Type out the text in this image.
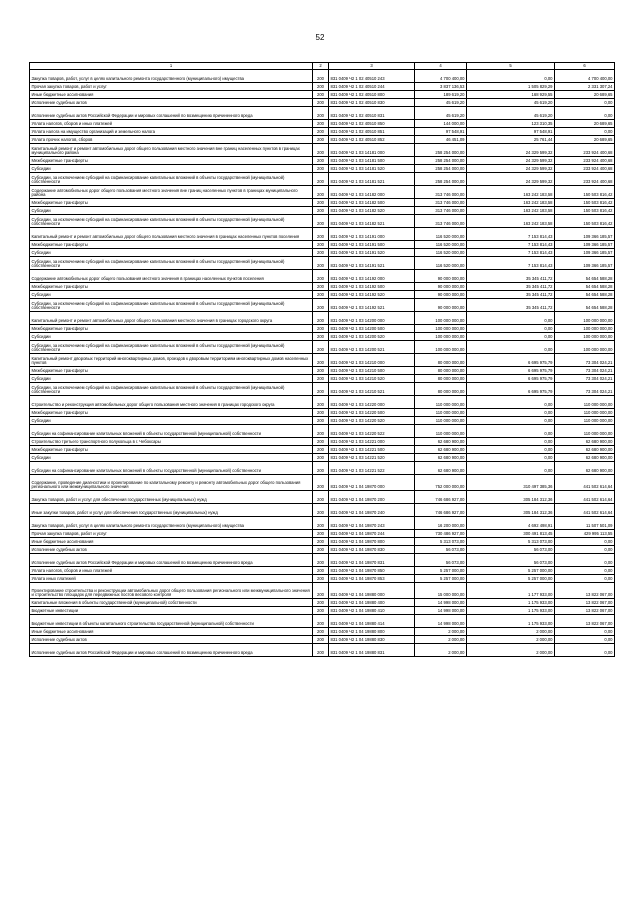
52
1	2	3	4	5	6
Закупка товаров, работ, услуг в целях капитального ремонта государственного (муниципального) имущества	200	831 0409 Ч2 1 02 40510 243	4 700 400,00	0,00	4 700 400,00
Прочая закупка товаров, работ и услуг	200	831 0409 Ч2 1 02 40510 244	3 837 136,53	1 505 829,29	2 331 307,24
Иные бюджетные ассигнования	200	831 0409 Ч2 1 02 40510 800	189 619,20	168 929,55	20 689,65
Исполнение судебных актов	200	831 0409 Ч2 1 02 40510 830	45 619,20	45 619,20	0,00
Исполнение судебных актов Российской Федерации и мировых соглашений по возмещению причиненного вреда	200	831 0409 Ч2 1 02 40510 831	45 619,20	45 619,20	0,00
Уплата налогов, сборов и иных платежей	200	831 0409 Ч2 1 02 40510 850	144 000,00	123 310,35	20 689,65
Уплата налога на имущество организаций и земельного налога	200	831 0409 Ч2 1 02 40510 851	97 548,91	97 548,91	0,00
Уплата прочих налогов, сборов	200	831 0409 Ч2 1 02 40510 852	46 451,09	25 761,44	20 689,65
Капитальный ремонт и ремонт автомобильных дорог общего пользования местного значения вне границ населенных пунктов в границах муниципального района	200	831 0409 Ч2 1 03 14181 000	258 254 000,00	24 329 599,32	233 924 400,68
Межбюджетные трансферты	200	831 0409 Ч2 1 03 14181 500	258 254 000,00	24 329 599,32	233 924 400,68
Субсидии	200	831 0409 Ч2 1 03 14181 520	258 254 000,00	24 329 599,32	233 924 400,68
Субсидии, за исключением субсидий на софинансирование капитальных вложений в объекты государственной (муниципальной) собственности	200	831 0409 Ч2 1 03 14181 521	258 254 000,00	24 329 599,32	233 924 400,68
Содержание автомобильных дорог общего пользования местного значения вне границ населенных пунктов в границах муниципального района	200	831 0409 Ч2 1 03 14182 000	313 746 000,00	163 242 183,58	150 503 816,42
Межбюджетные трансферты	200	831 0409 Ч2 1 03 14182 500	313 746 000,00	163 242 183,58	150 503 816,42
Субсидии	200	831 0409 Ч2 1 03 14182 520	313 746 000,00	163 242 183,58	150 503 816,42
Субсидии, за исключением субсидий на софинансирование капитальных вложений в объекты государственной (муниципальной) собственности	200	831 0409 Ч2 1 03 14182 521	313 746 000,00	163 242 183,58	150 503 816,42
Капитальный ремонт и ремонт автомобильных дорог общего пользования местного значения в границах населенных пунктов поселения	200	831 0409 Ч2 1 03 14191 000	116 520 000,00	7 153 814,43	109 366 185,57
Межбюджетные трансферты	200	831 0409 Ч2 1 03 14191 500	116 520 000,00	7 153 814,43	109 366 185,57
Субсидии	200	831 0409 Ч2 1 03 14191 520	116 520 000,00	7 153 814,43	109 366 185,57
Субсидии, за исключением субсидий на софинансирование капитальных вложений в объекты государственной (муниципальной) собственности	200	831 0409 Ч2 1 03 14191 521	116 520 000,00	7 153 814,43	109 366 185,57
Содержание автомобильных дорог общего пользования местного значения в границах населенных пунктов поселения	200	831 0409 Ч2 1 03 14192 000	90 000 000,00	35 345 411,72	54 654 588,28
Межбюджетные трансферты	200	831 0409 Ч2 1 03 14192 500	90 000 000,00	35 345 411,72	54 654 588,28
Субсидии	200	831 0409 Ч2 1 03 14192 520	90 000 000,00	35 345 411,72	54 654 588,28
Субсидии, за исключением субсидий на софинансирование капитальных вложений в объекты государственной (муниципальной) собственности	200	831 0409 Ч2 1 03 14192 521	90 000 000,00	35 345 411,72	54 654 588,28
Капитальный ремонт и ремонт автомобильных дорог общего пользования местного значения в границах городского округа	200	831 0409 Ч2 1 03 14200 000	100 000 000,00	0,00	100 000 000,00
Межбюджетные трансферты	200	831 0409 Ч2 1 03 14200 500	100 000 000,00	0,00	100 000 000,00
Субсидии	200	831 0409 Ч2 1 03 14200 520	100 000 000,00	0,00	100 000 000,00
Субсидии, за исключением субсидий на софинансирование капитальных вложений в объекты государственной (муниципальной) собственности	200	831 0409 Ч2 1 03 14200 521	100 000 000,00	0,00	100 000 000,00
Капитальный ремонт дворовых территорий многоквартирных домов, проездов к дворовым территориям многоквартирных домов населенных пунктов	200	831 0409 Ч2 1 03 14210 000	80 000 000,00	6 695 975,79	73 304 024,21
Межбюджетные трансферты	200	831 0409 Ч2 1 03 14210 500	80 000 000,00	6 695 975,79	73 304 024,21
Субсидии	200	831 0409 Ч2 1 03 14210 520	80 000 000,00	6 695 975,79	73 304 024,21
Субсидии, за исключением субсидий на софинансирование капитальных вложений в объекты государственной (муниципальной) собственности	200	831 0409 Ч2 1 03 14210 521	80 000 000,00	6 695 975,79	73 304 024,21
Строительство и реконструкция автомобильных дорог общего пользования местного значения в границах городского округа	200	831 0409 Ч2 1 03 14220 000	110 000 000,00	0,00	110 000 000,00
Межбюджетные трансферты	200	831 0409 Ч2 1 03 14220 500	110 000 000,00	0,00	110 000 000,00
Субсидии	200	831 0409 Ч2 1 03 14220 520	110 000 000,00	0,00	110 000 000,00
Субсидии на софинансирование капитальных вложений в объекты государственной (муниципальной) собственности	200	831 0409 Ч2 1 03 14220 522	110 000 000,00	0,00	110 000 000,00
Строительство третьего транспортного полукольца в г. Чебоксары	200	831 0409 Ч2 1 03 14221 000	62 680 900,00	0,00	62 680 900,00
Межбюджетные трансферты	200	831 0409 Ч2 1 03 14221 500	62 680 900,00	0,00	62 680 900,00
Субсидии	200	831 0409 Ч2 1 03 14221 520	62 680 900,00	0,00	62 680 900,00
Субсидии на софинансирование капитальных вложений в объекты государственной (муниципальной) собственности	200	831 0409 Ч2 1 03 14221 522	62 680 900,00	0,00	62 680 900,00
Содержание, проведение диагностики и проектирование по капитальному ремонту и ремонту автомобильных дорог общего пользования регионального или межмуниципального значения	200	831 0409 Ч2 1 04 19870 000	752 000 000,00	310 497 385,36	441 502 614,64
Закупка товаров, работ и услуг для обеспечения государственных (муниципальных) нужд	200	831 0409 Ч2 1 04 19870 200	746 686 927,00	305 184 312,36	441 502 614,64
Иные закупки товаров, работ и услуг для обеспечения государственных (муниципальных) нужд	200	831 0409 Ч2 1 04 19870 240	746 686 927,00	305 184 312,36	441 502 614,64
Закупка товаров, работ, услуг в целях капитального ремонта государственного (муниципального) имущества	200	831 0409 Ч2 1 04 19870 243	16 200 000,00	4 692 498,91	11 507 501,09
Прочая закупка товаров, работ и услуг	200	831 0409 Ч2 1 04 19870 244	730 486 927,00	300 491 813,45	429 995 113,55
Иные бюджетные ассигнования	200	831 0409 Ч2 1 04 19870 800	5 313 073,00	5 313 073,00	0,00
Исполнение судебных актов	200	831 0409 Ч2 1 04 19870 830	56 073,00	56 073,00	0,00
Исполнение судебных актов Российской Федерации и мировых соглашений по возмещению причиненного вреда	200	831 0409 Ч2 1 04 19870 831	56 073,00	56 073,00	0,00
Уплата налогов, сборов и иных платежей	200	831 0409 Ч2 1 04 19870 850	5 257 000,00	5 257 000,00	0,00
Уплата иных платежей	200	831 0409 Ч2 1 04 19870 853	5 257 000,00	5 257 000,00	0,00
Проектирование строительства и реконструкции автомобильных дорог общего пользования регионального или межмуниципального значения и строительство площадок для передвижных постов весового контроля	200	831 0409 Ч2 1 04 19880 000	15 000 000,00	1 177 933,00	13 822 067,00
Капитальные вложения в объекты государственной (муниципальной) собственности	200	831 0409 Ч2 1 04 19880 400	14 998 000,00	1 175 933,00	13 822 067,00
Бюджетные инвестиции	200	831 0409 Ч2 1 04 19880 410	14 998 000,00	1 175 933,00	13 822 067,00
Бюджетные инвестиции в объекты капитального строительства государственной (муниципальной) собственности	200	831 0409 Ч2 1 04 19880 414	14 998 000,00	1 175 933,00	13 822 067,00
Иные бюджетные ассигнования	200	831 0409 Ч2 1 04 19880 800	2 000,00	2 000,00	0,00
Исполнение судебных актов	200	831 0409 Ч2 1 04 19880 830	2 000,00	2 000,00	0,00
Исполнение судебных актов Российской Федерации и мировых соглашений по возмещению причиненного вреда	200	831 0409 Ч2 1 04 19880 831	2 000,00	2 000,00	0,00
